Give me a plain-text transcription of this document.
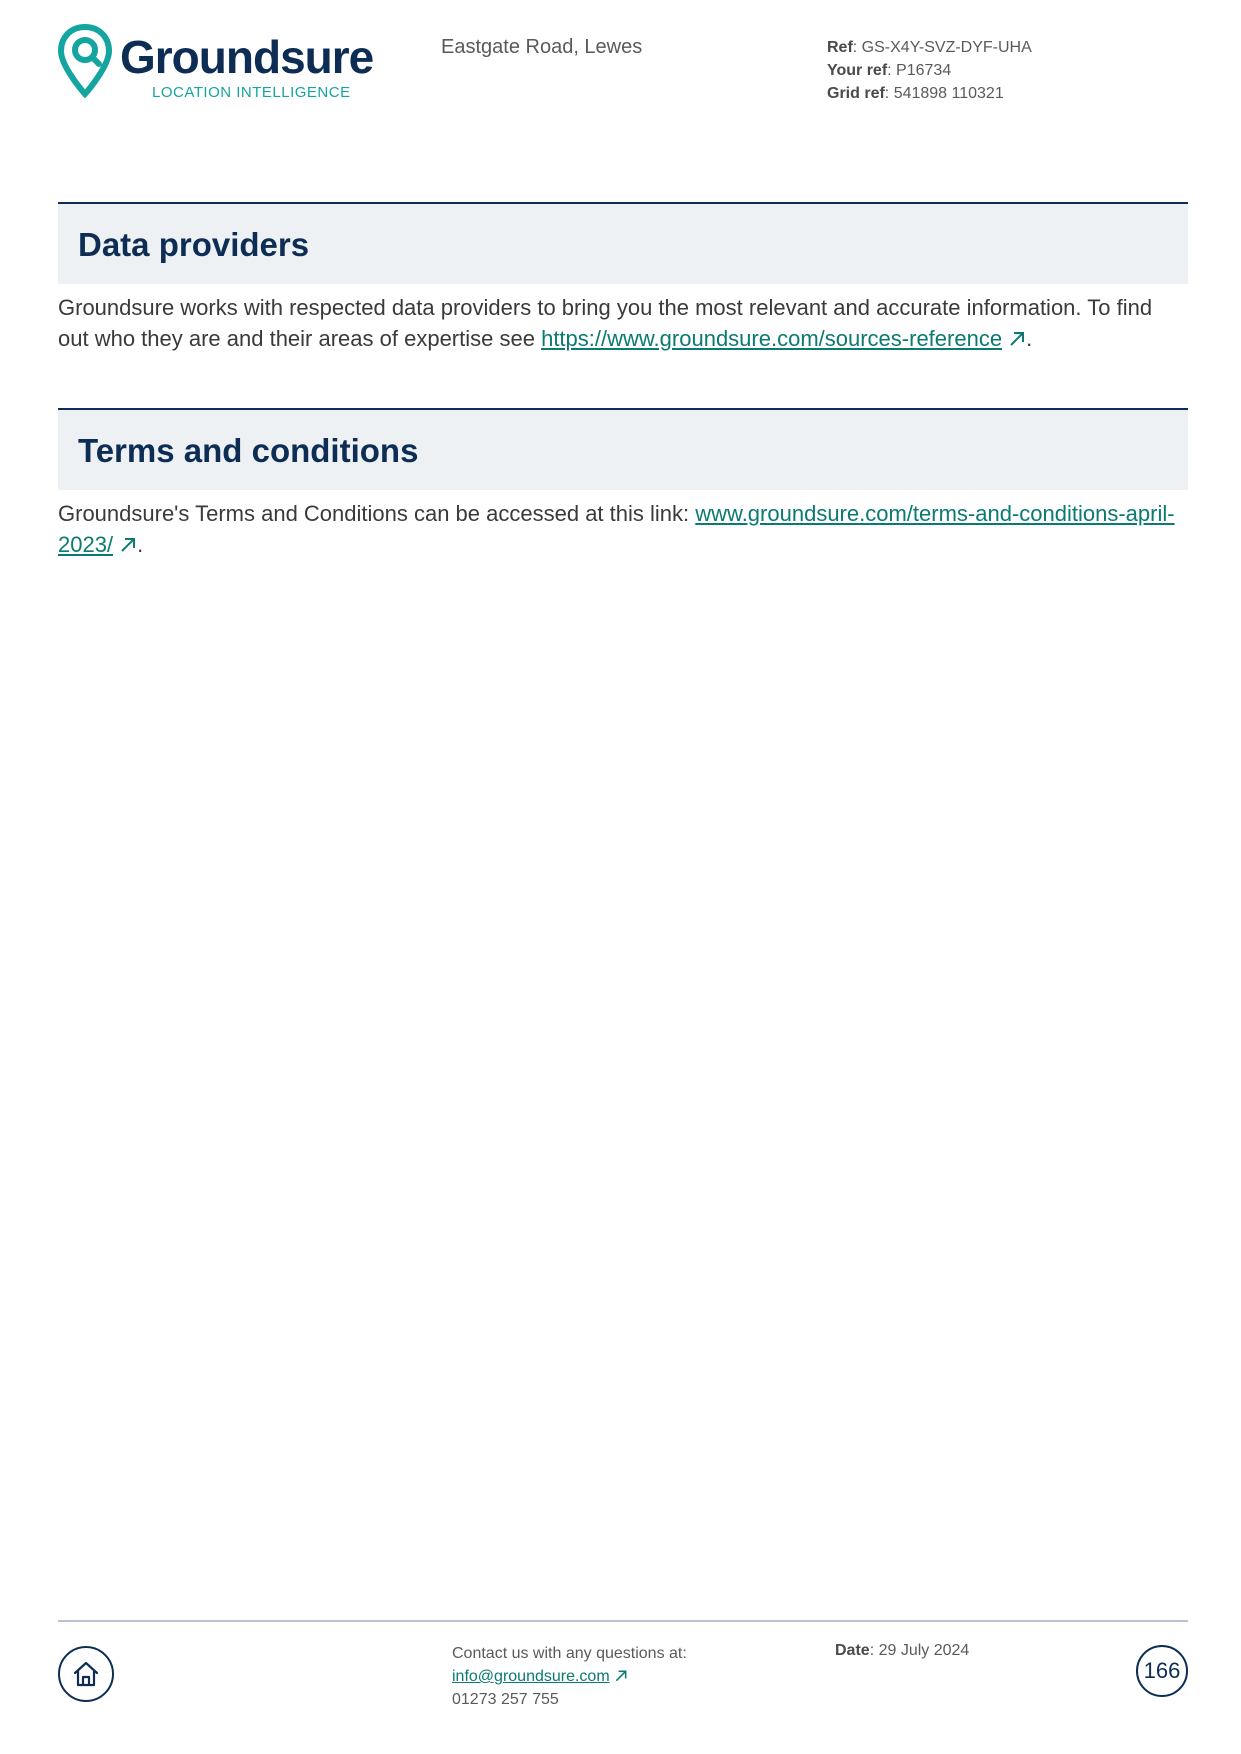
Groundsure
LOCATION INTELLIGENCE
Eastgate Road, Lewes	Ref: GS-X4Y-SVZ-DYF-UHA
Your ref: P16734
Grid ref: 541898 110321
Data providers
Groundsure works with respected data providers to bring you the most relevant and accurate information. To find out who they are and their areas of expertise see https://www.groundsure.com/sources-reference .
Terms and conditions
Groundsure's Terms and Conditions can be accessed at this link: www.groundsure.com/terms-and-conditions-april-2023/ .
Contact us with any questions at:
info@groundsure.com
01273 257 755
Date: 29 July 2024
166
